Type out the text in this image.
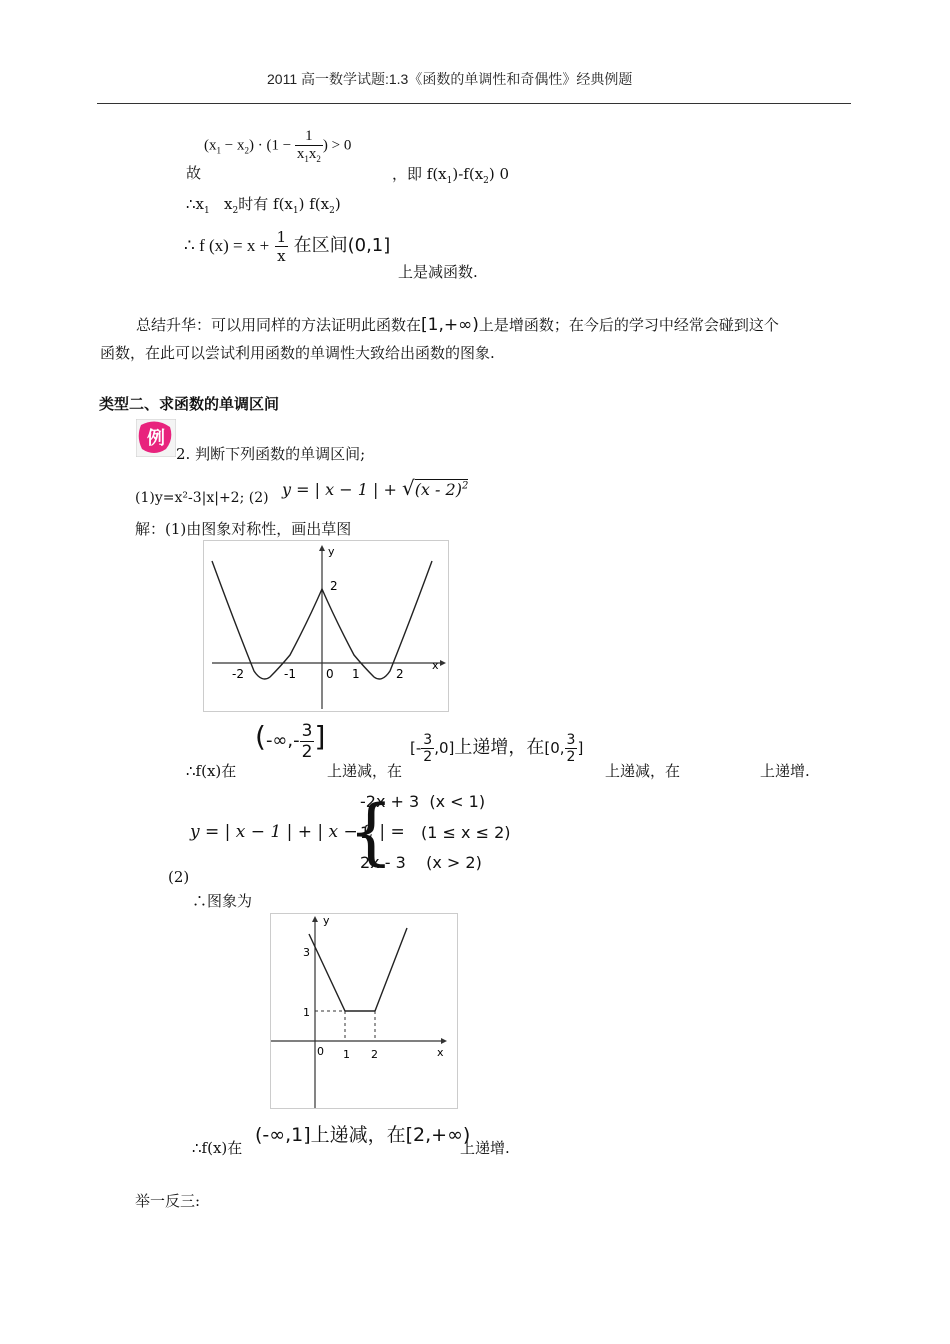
2011 高一数学试题:1.3《函数的单调性和奇偶性》经典例题
$(x_1 - x_2) \cdot (1 - \frac{1}{x_1x_2}$ ) > 0
故	，即 $f(x_1)-f(x_2)$ 0
$\therefore x_1$   $x_2$时有 $f(x_1)$ $f(x_2)$
∴ f $(x) = x + \frac{1}{x}$ 在区间(0,1]
上是减函数.
总结升华：可以用同样的方法证明此函数在[1,+∞)上是增函数；在今后的学习中经常会碰到这个
函数，在此可以尝试利用函数的单调性大致给出函数的图象.
类型二、求函数的单调区间
例
2. 判断下列函数的单调区间;
(1)y=x²-3|x|+2; (2) y = | x − 1 | + √(x - 2)$^2$
解：(1)由图象对称性，画出草图
x
y
2
-2	-1	0 1	2
∴f(x)在
(-∞,- $\frac{3}{2}$ ]
上递减，在
[- $\frac{3}{2} ,0$]上递增，在[0, $\frac{3}{2}$ ]
上递减，在	上递增.
y = | x − 1 | + | x − 2 | =
{
-2x + 3  (x < 1)
1          (1 ≤ x ≤ 2)
2x - 3    (x > 2)
(2)
∴图象为
x
y
3
1
0 1 2
∴f(x)在
(-∞,1]上递减，在[2,+∞)
上递增.
举一反三:
